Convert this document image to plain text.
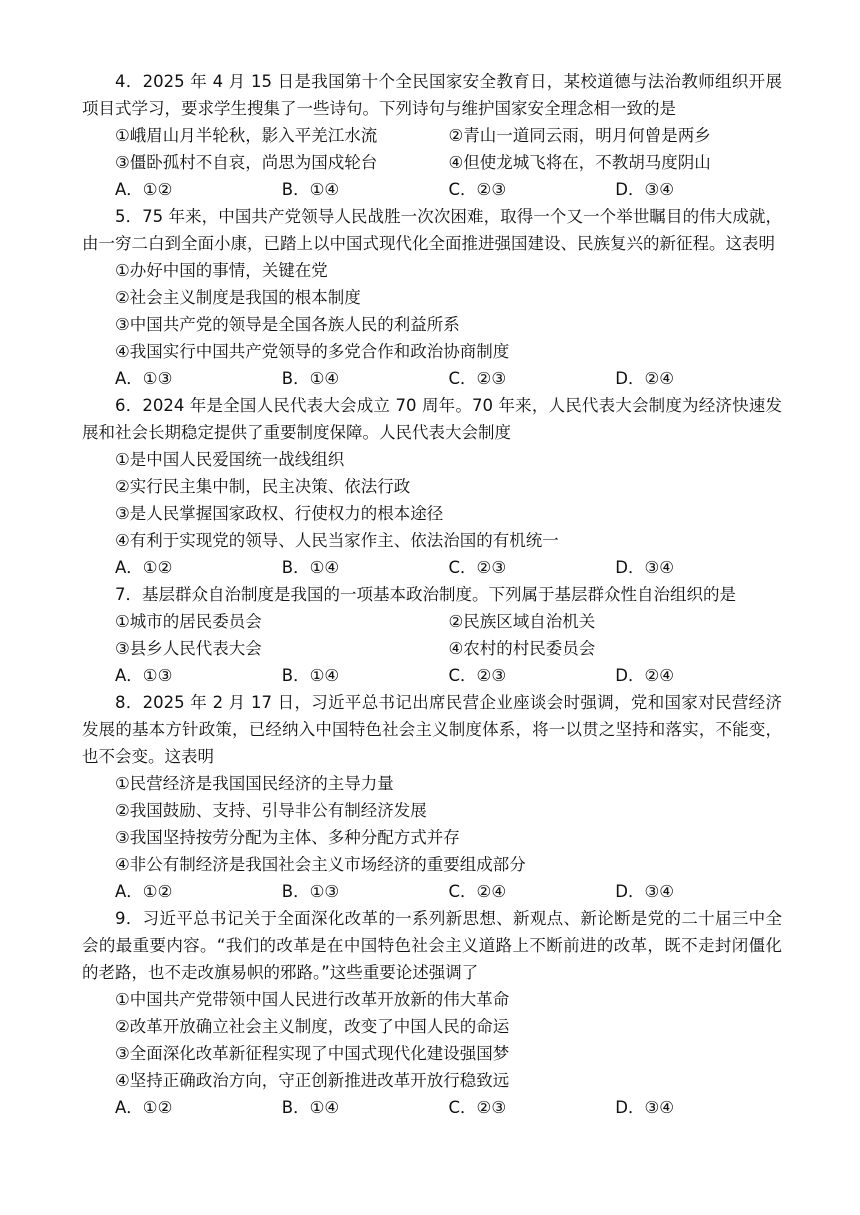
4．2025 年 4 月 15 日是我国第十个全民国家安全教育日，某校道德与法治教师组织开展项目式学习，要求学生搜集了一些诗句。下列诗句与维护国家安全理念相一致的是

①峨眉山月半轮秋，影入平羌江水流	②青山一道同云雨，明月何曾是两乡
③僵卧孤村不自哀，尚思为国戍轮台	④但使龙城飞将在，不教胡马度阴山
A．①②	B．①④	C．②③	D．③④

5．75 年来，中国共产党领导人民战胜一次次困难，取得一个又一个举世瞩目的伟大成就，由一穷二白到全面小康，已踏上以中国式现代化全面推进强国建设、民族复兴的新征程。这表明

①办好中国的事情，关键在党

②社会主义制度是我国的根本制度

③中国共产党的领导是全国各族人民的利益所系

④我国实行中国共产党领导的多党合作和政治协商制度

A．①③	B．①④	C．②③	D．②④

6．2024 年是全国人民代表大会成立 70 周年。70 年来，人民代表大会制度为经济快速发展和社会长期稳定提供了重要制度保障。人民代表大会制度

①是中国人民爱国统一战线组织

②实行民主集中制，民主决策、依法行政

③是人民掌握国家政权、行使权力的根本途径

④有利于实现党的领导、人民当家作主、依法治国的有机统一

A．①②	B．①④	C．②③	D．③④

7．基层群众自治制度是我国的一项基本政治制度。下列属于基层群众性自治组织的是

①城市的居民委员会	②民族区域自治机关
③县乡人民代表大会	④农村的村民委员会
A．①③	B．①④	C．②③	D．②④

8．2025 年 2 月 17 日，习近平总书记出席民营企业座谈会时强调，党和国家对民营经济发展的基本方针政策，已经纳入中国特色社会主义制度体系，将一以贯之坚持和落实，不能变，也不会变。这表明

①民营经济是我国国民经济的主导力量

②我国鼓励、支持、引导非公有制经济发展

③我国坚持按劳分配为主体、多种分配方式并存

④非公有制经济是我国社会主义市场经济的重要组成部分

A．①②	B．①③	C．②④	D．③④

9．习近平总书记关于全面深化改革的一系列新思想、新观点、新论断是党的二十届三中全会的最重要内容。“我们的改革是在中国特色社会主义道路上不断前进的改革，既不走封闭僵化的老路，也不走改旗易帜的邪路。”这些重要论述强调了

①中国共产党带领中国人民进行改革开放新的伟大革命

②改革开放确立社会主义制度，改变了中国人民的命运

③全面深化改革新征程实现了中国式现代化建设强国梦

④坚持正确政治方向，守正创新推进改革开放行稳致远

A．①②	B．①④	C．②③	D．③④
